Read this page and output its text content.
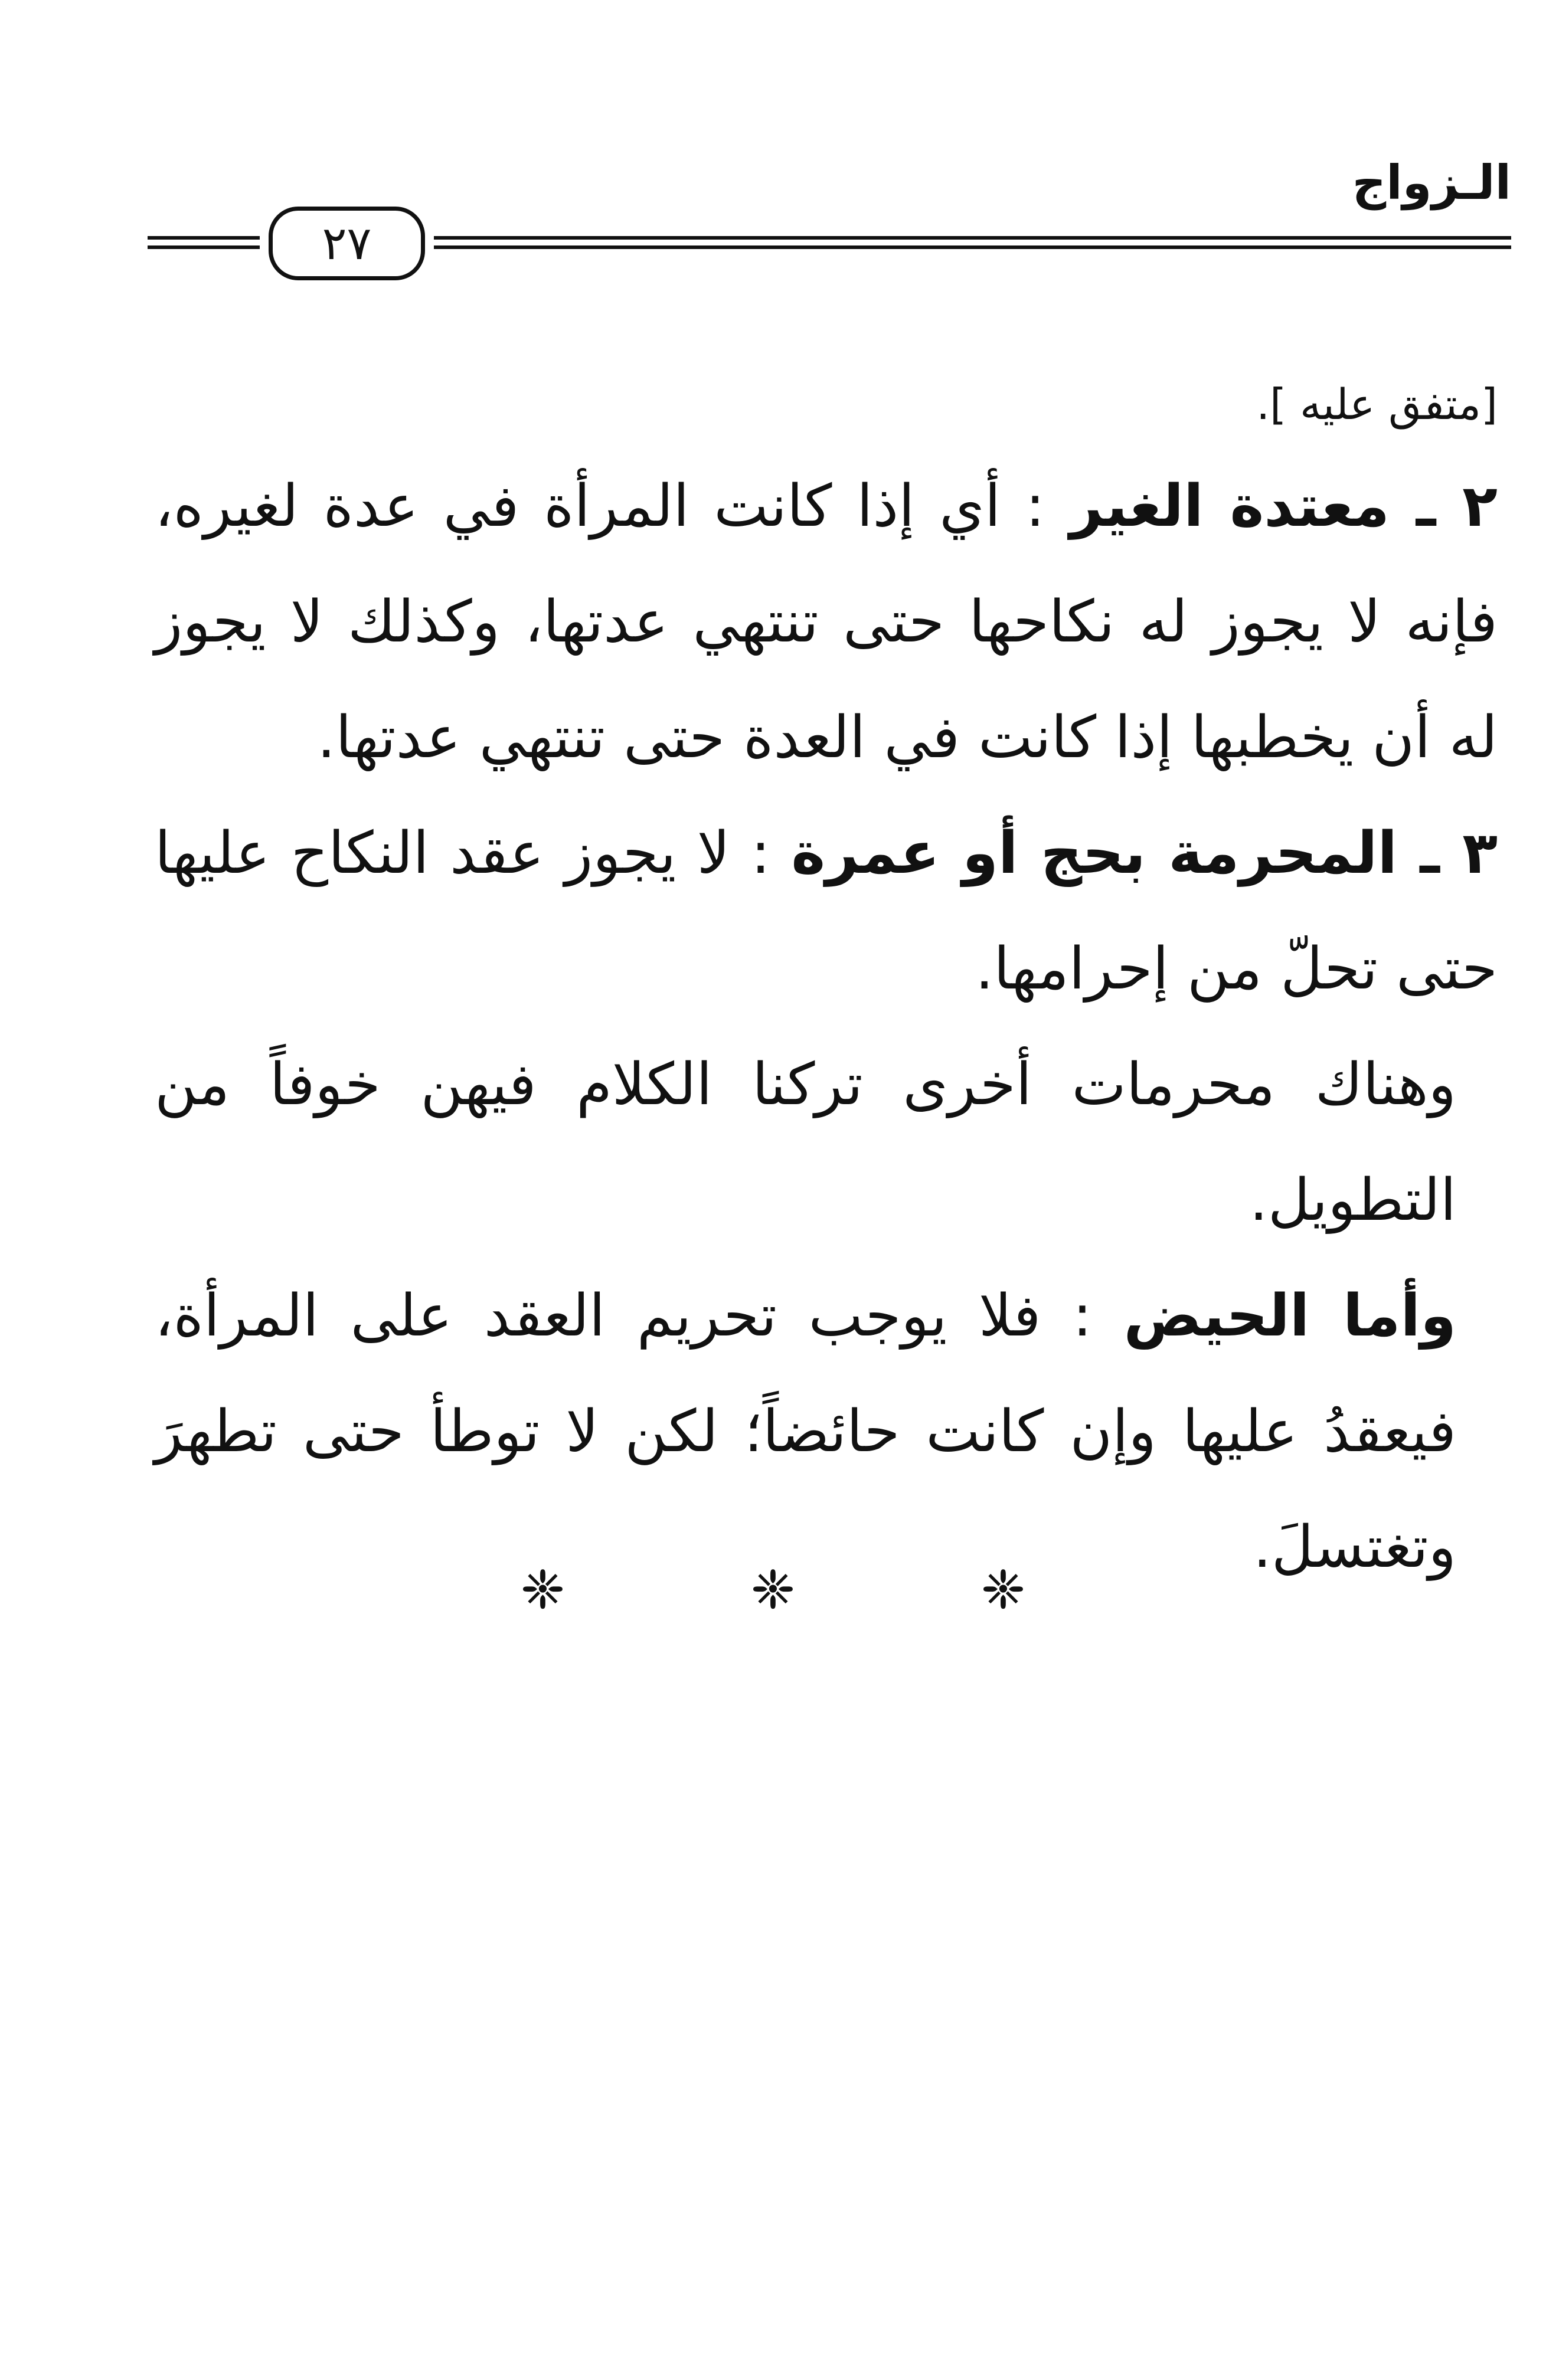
الـزواج
٢٧

[متفق عليه ].

٢ ـ معتدة الغير : أي إذا كانت المرأة في عدة لغيره، فإنه لا يجوز له نكاحها حتى تنتهي عدتها، وكذلك لا يجوز له أن يخطبها إذا كانت في العدة حتى تنتهي عدتها.

٣ ـ المحرمة بحج أو عمرة : لا يجوز عقد النكاح عليها حتى تحلّ من إحرامها.

وهناك محرمات أخرى تركنا الكلام فيهن خوفاً من التطويل.

وأما الحيض : فلا يوجب تحريم العقد على المرأة، فيعقدُ عليها وإن كانت حائضاً؛ لكن لا توطأ حتى تطهرَ وتغتسلَ.

❈	❈	❈
